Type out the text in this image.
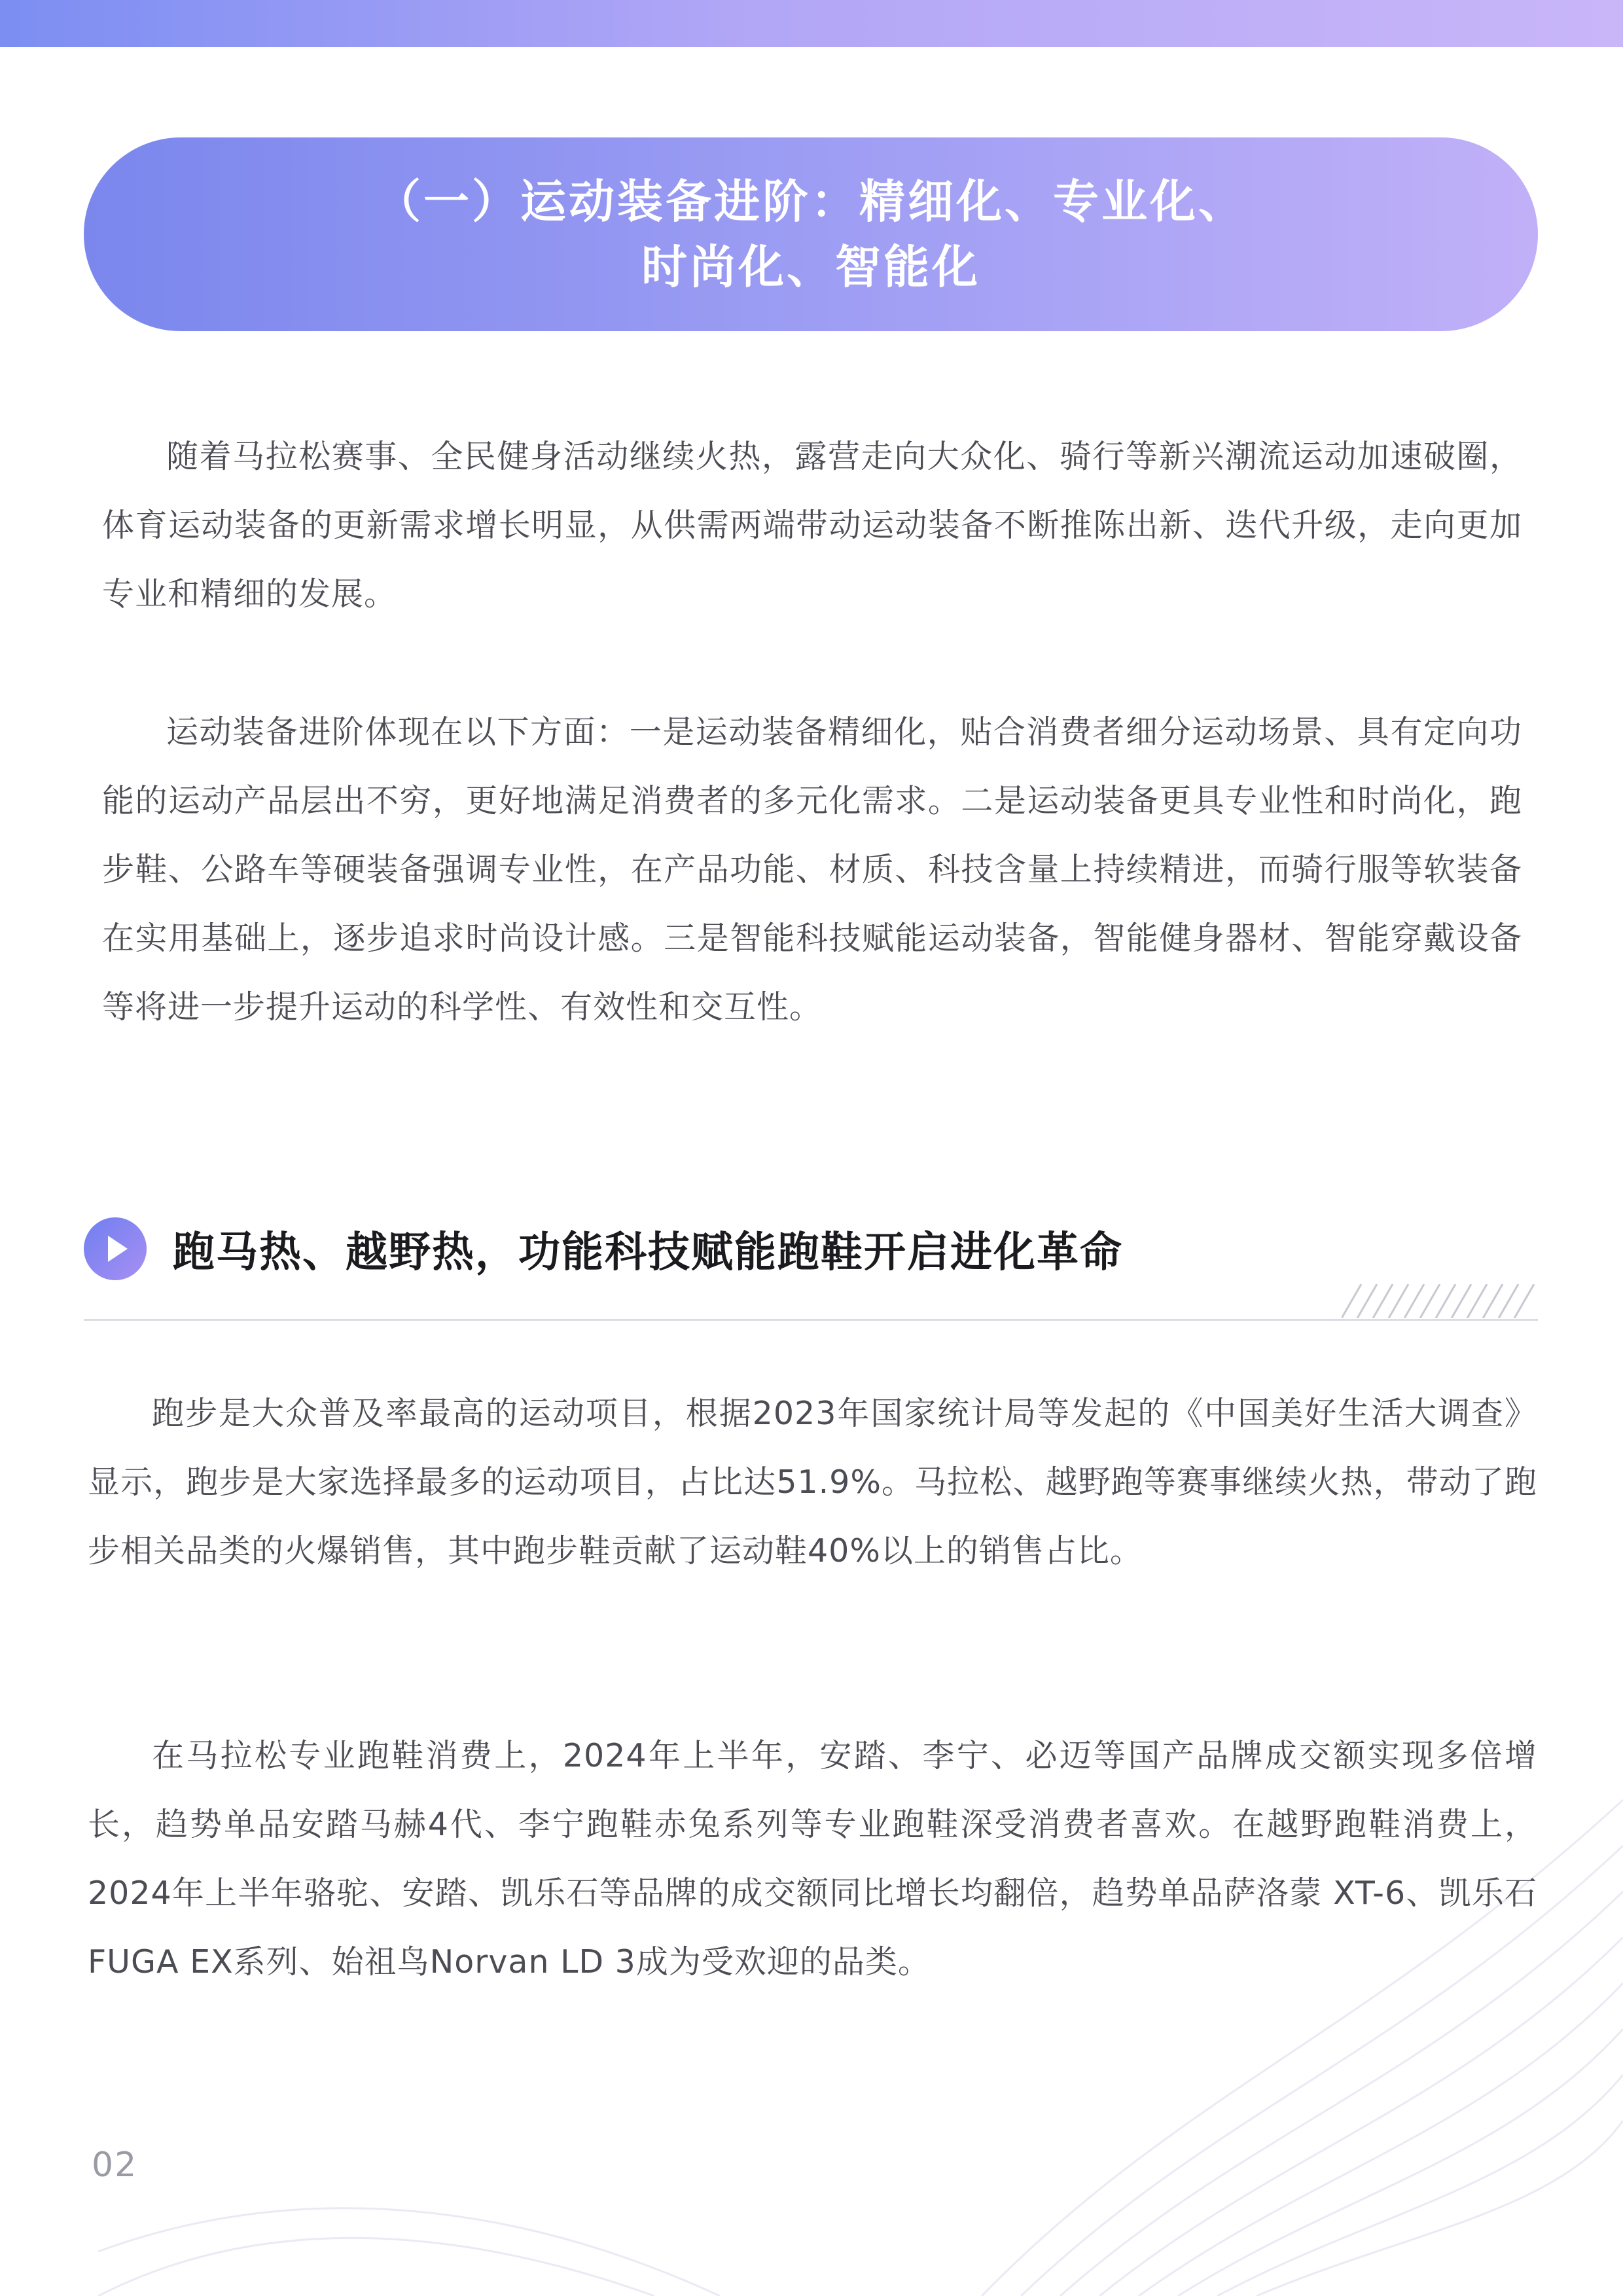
（一）运动装备进阶：精细化、专业化、
时尚化、智能化

随着马拉松赛事、全民健身活动继续火热，露营走向大众化、骑行等新兴潮流运动加速破圈，体育运动装备的更新需求增长明显，从供需两端带动运动装备不断推陈出新、迭代升级，走向更加专业和精细的发展。

运动装备进阶体现在以下方面：一是运动装备精细化，贴合消费者细分运动场景、具有定向功能的运动产品层出不穷，更好地满足消费者的多元化需求。二是运动装备更具专业性和时尚化，跑步鞋、公路车等硬装备强调专业性，在产品功能、材质、科技含量上持续精进，而骑行服等软装备在实用基础上，逐步追求时尚设计感。三是智能科技赋能运动装备，智能健身器材、智能穿戴设备等将进一步提升运动的科学性、有效性和交互性。

跑马热、越野热，功能科技赋能跑鞋开启进化革命

跑步是大众普及率最高的运动项目，根据2023年国家统计局等发起的《中国美好生活大调查》显示，跑步是大家选择最多的运动项目，占比达51.9%。马拉松、越野跑等赛事继续火热，带动了跑步相关品类的火爆销售，其中跑步鞋贡献了运动鞋40%以上的销售占比。

在马拉松专业跑鞋消费上，2024年上半年，安踏、李宁、必迈等国产品牌成交额实现多倍增长，趋势单品安踏马赫4代、李宁跑鞋赤兔系列等专业跑鞋深受消费者喜欢。在越野跑鞋消费上，2024年上半年骆驼、安踏、凯乐石等品牌的成交额同比增长均翻倍，趋势单品萨洛蒙 XT-6、凯乐石FUGA EX系列、始祖鸟Norvan LD 3成为受欢迎的品类。

02
